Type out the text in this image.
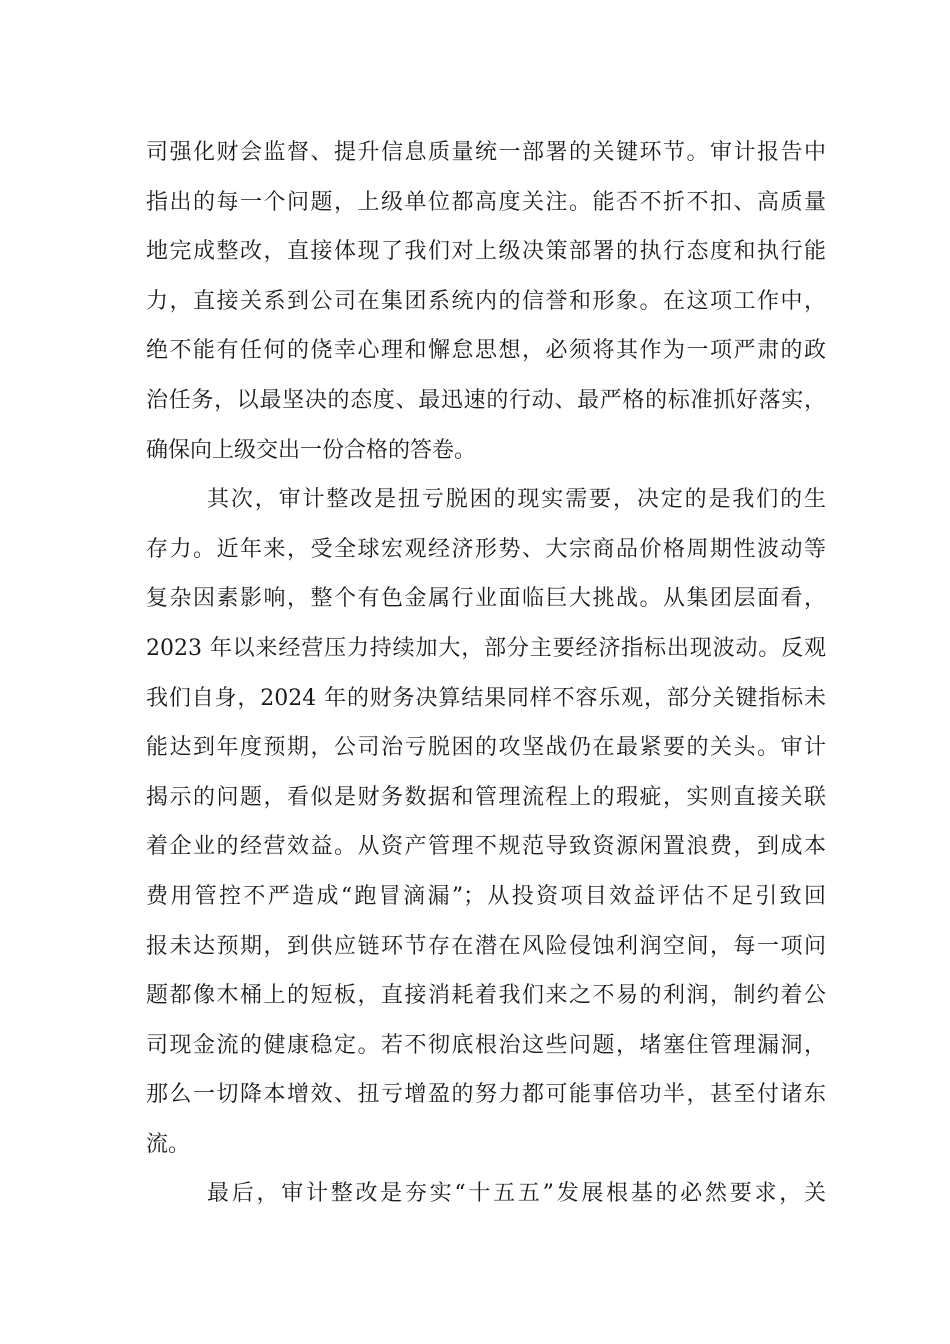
司强化财会监督、提升信息质量统一部署的关键环节。审计报告中
指出的每一个问题，上级单位都高度关注。能否不折不扣、高质量
地完成整改，直接体现了我们对上级决策部署的执行态度和执行能
力，直接关系到公司在集团系统内的信誉和形象。在这项工作中，
绝不能有任何的侥幸心理和懈怠思想，必须将其作为一项严肃的政
治任务，以最坚决的态度、最迅速的行动、最严格的标准抓好落实，
确保向上级交出一份合格的答卷。
其次，审计整改是扭亏脱困的现实需要，决定的是我们的生
存力。近年来，受全球宏观经济形势、大宗商品价格周期性波动等
复杂因素影响，整个有色金属行业面临巨大挑战。从集团层面看，
2023 年以来经营压力持续加大，部分主要经济指标出现波动。反观
我们自身，2024 年的财务决算结果同样不容乐观，部分关键指标未
能达到年度预期，公司治亏脱困的攻坚战仍在最紧要的关头。审计
揭示的问题，看似是财务数据和管理流程上的瑕疵，实则直接关联
着企业的经营效益。从资产管理不规范导致资源闲置浪费，到成本
费用管控不严造成“跑冒滴漏”；从投资项目效益评估不足引致回
报未达预期，到供应链环节存在潜在风险侵蚀利润空间，每一项问
题都像木桶上的短板，直接消耗着我们来之不易的利润，制约着公
司现金流的健康稳定。若不彻底根治这些问题，堵塞住管理漏洞，
那么一切降本增效、扭亏增盈的努力都可能事倍功半，甚至付诸东
流。
最后，审计整改是夯实“十五五”发展根基的必然要求，关
